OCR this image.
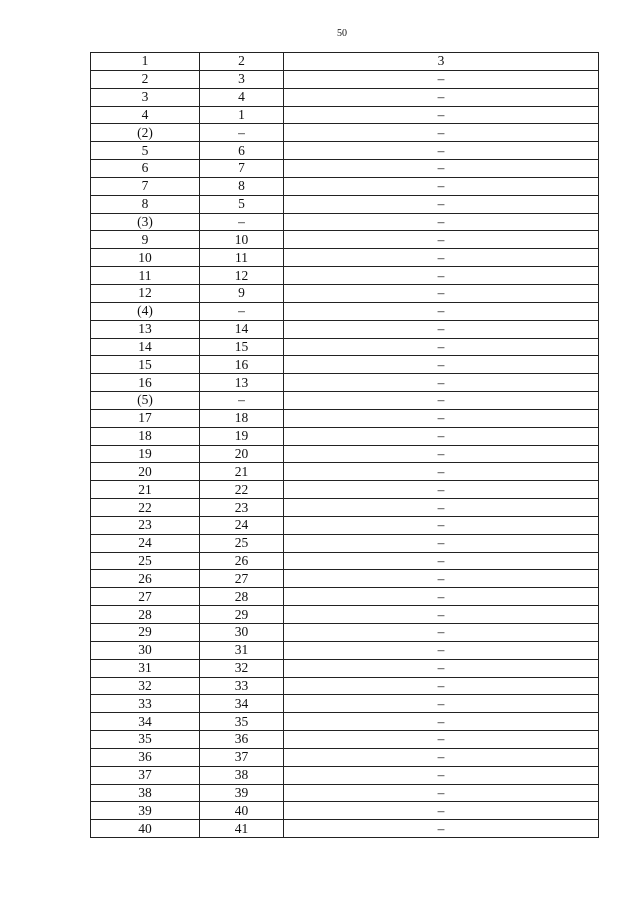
50
1	2	3
2	3	–
3	4	–
4	1	–
(2)	–	–
5	6	–
6	7	–
7	8	–
8	5	–
(3)	–	–
9	10	–
10	11	–
11	12	–
12	9	–
(4)	–	–
13	14	–
14	15	–
15	16	–
16	13	–
(5)	–	–
17	18	–
18	19	–
19	20	–
20	21	–
21	22	–
22	23	–
23	24	–
24	25	–
25	26	–
26	27	–
27	28	–
28	29	–
29	30	–
30	31	–
31	32	–
32	33	–
33	34	–
34	35	–
35	36	–
36	37	–
37	38	–
38	39	–
39	40	–
40	41	–
